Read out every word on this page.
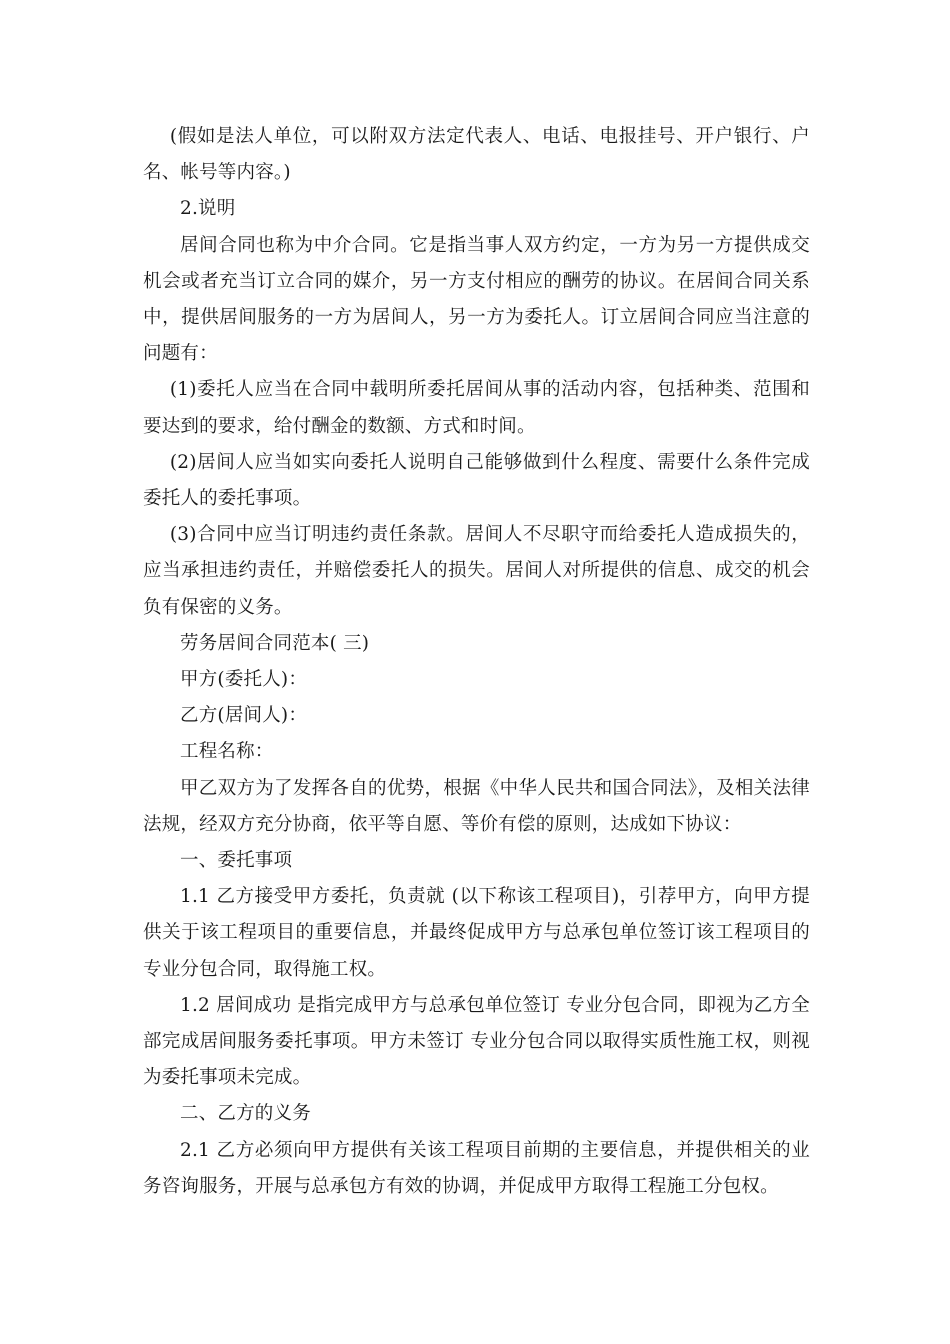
(假如是法人单位，可以附双方法定代表人、电话、电报挂号、开户银行、户名、帐号等内容。)

2.说明

居间合同也称为中介合同。它是指当事人双方约定，一方为另一方提供成交机会或者充当订立合同的媒介，另一方支付相应的酬劳的协议。在居间合同关系中，提供居间服务的一方为居间人，另一方为委托人。订立居间合同应当注意的问题有：

(1)委托人应当在合同中载明所委托居间从事的活动内容，包括种类、范围和要达到的要求，给付酬金的数额、方式和时间。

(2)居间人应当如实向委托人说明自己能够做到什么程度、需要什么条件完成委托人的委托事项。

(3)合同中应当订明违约责任条款。居间人不尽职守而给委托人造成损失的，应当承担违约责任，并赔偿委托人的损失。居间人对所提供的信息、成交的机会负有保密的义务。

劳务居间合同范本( 三)

甲方(委托人)：

乙方(居间人)：

工程名称：

甲乙双方为了发挥各自的优势，根据《中华人民共和国合同法》，及相关法律法规，经双方充分协商，依平等自愿、等价有偿的原则，达成如下协议：

一、委托事项

1.1 乙方接受甲方委托，负责就 (以下称该工程项目)，引荐甲方，向甲方提供关于该工程项目的重要信息，并最终促成甲方与总承包单位签订该工程项目的 专业分包合同，取得施工权。

1.2 居间成功 是指完成甲方与总承包单位签订 专业分包合同，即视为乙方全部完成居间服务委托事项。甲方未签订 专业分包合同以取得实质性施工权，则视为委托事项未完成。

二、乙方的义务

2.1 乙方必须向甲方提供有关该工程项目前期的主要信息，并提供相关的业务咨询服务，开展与总承包方有效的协调，并促成甲方取得工程施工分包权。
